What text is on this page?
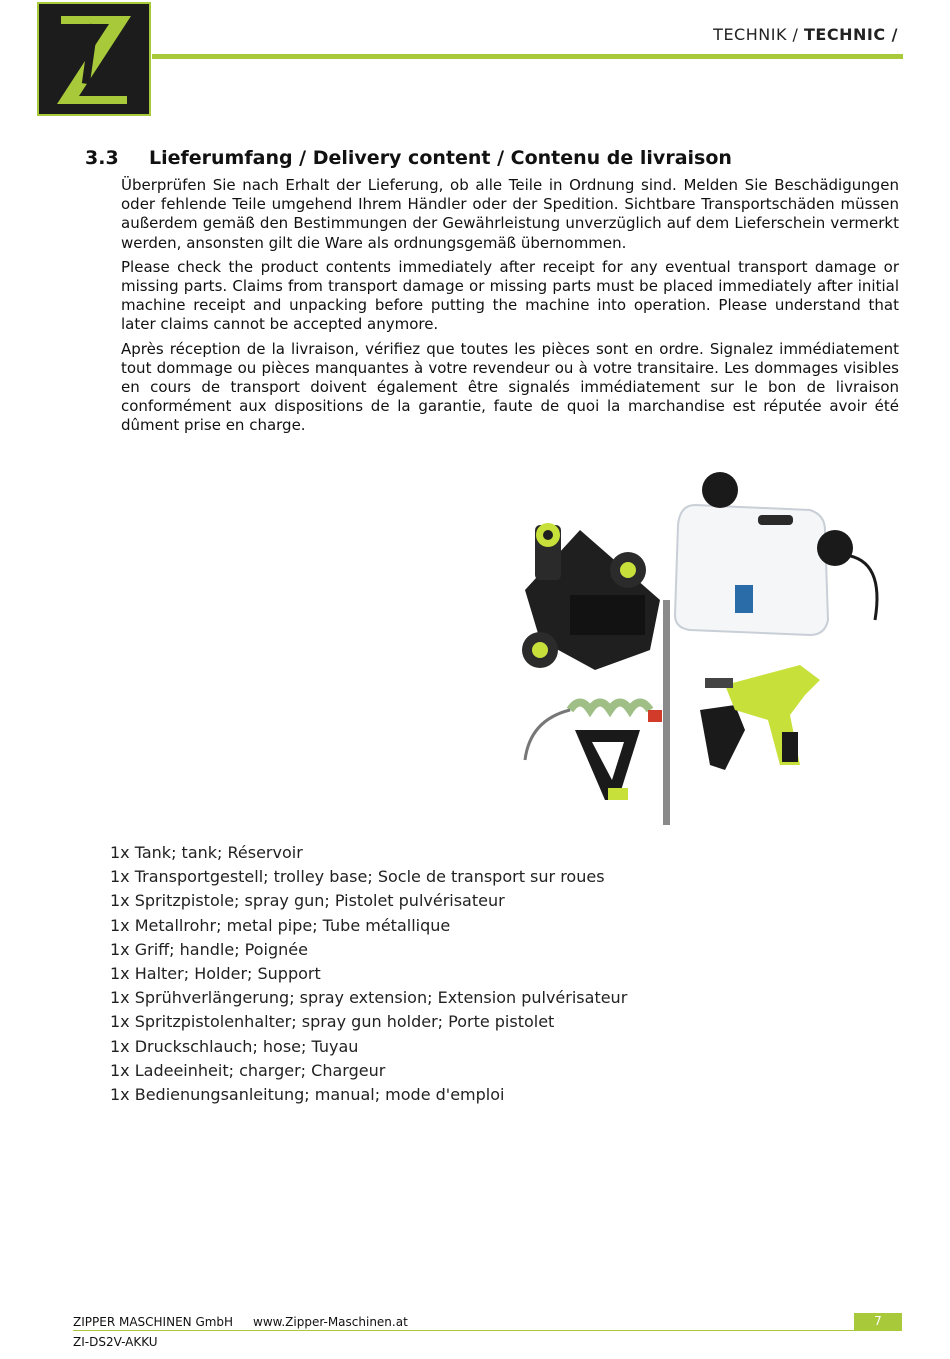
TECHNIK / TECHNIC /
3.3 Lieferumfang / Delivery content / Contenu de livraison

Überprüfen Sie nach Erhalt der Lieferung, ob alle Teile in Ordnung sind. Melden Sie Beschädigungen oder fehlende Teile umgehend Ihrem Händler oder der Spedition. Sichtbare Transportschäden müssen außerdem gemäß den Bestimmungen der Gewährleistung unverzüglich auf dem Lieferschein vermerkt werden, ansonsten gilt die Ware als ordnungsgemäß übernommen.

Please check the product contents immediately after receipt for any eventual transport damage or missing parts. Claims from transport damage or missing parts must be placed immediately after initial machine receipt and unpacking before putting the machine into operation. Please understand that later claims cannot be accepted anymore.

Après réception de la livraison, vérifiez que toutes les pièces sont en ordre. Signalez immédiatement tout dommage ou pièces manquantes à votre revendeur ou à votre transitaire. Les dommages visibles en cours de transport doivent également être signalés immédiatement sur le bon de livraison conformément aux dispositions de la garantie, faute de quoi la marchandise est réputée avoir été dûment prise en charge.

1x Tank; tank; Réservoir
1x Transportgestell; trolley base; Socle de transport sur roues
1x Spritzpistole; spray gun; Pistolet pulvérisateur
1x Metallrohr; metal pipe; Tube métallique
1x Griff; handle; Poignée
1x Halter; Holder; Support
1x Sprühverlängerung; spray extension; Extension pulvérisateur
1x Spritzpistolenhalter; spray gun holder; Porte pistolet
1x Druckschlauch; hose; Tuyau
1x Ladeeinheit; charger; Chargeur
1x Bedienungsanleitung; manual; mode d'emploi
ZIPPER MASCHINEN GmbH www.Zipper-Maschinen.at
ZI-DS2V-AKKU
7
